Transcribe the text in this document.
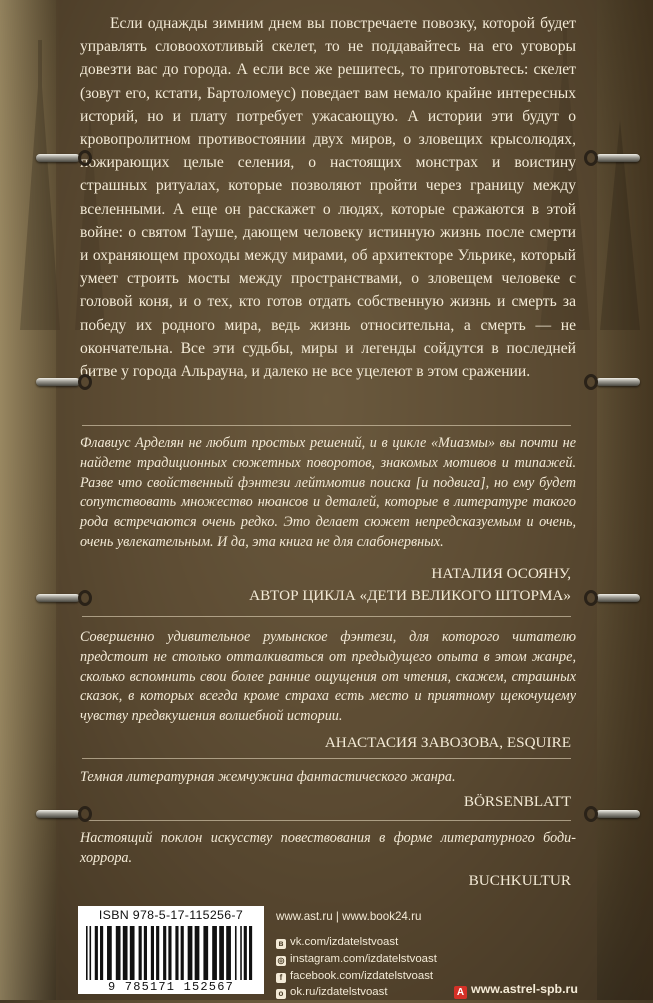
Если однажды зимним днем вы повстречаете повозку, которой будет управлять словоохотливый скелет, то не поддавайтесь на его уговоры довезти вас до города. А если все же решитесь, то приготовьтесь: скелет (зовут его, кстати, Бартоломеус) поведает вам немало крайне интересных историй, но и плату потребует ужасающую. А истории эти будут о кровопролитном противостоянии двух миров, о зловещих крысолюдях, пожирающих целые селения, о настоящих монстрах и воистину страшных ритуалах, которые позволяют пройти через границу между вселенными. А еще он расскажет о людях, которые сражаются в этой войне: о святом Тауше, дающем человеку истинную жизнь после смерти и охраняющем проходы между мирами, об архитекторе Ульрике, который умеет строить мосты между пространствами, о зловещем человеке с головой коня, и о тех, кто готов отдать собственную жизнь и смерть за победу их родного мира, ведь жизнь относительна, а смерть — не окончательна. Все эти судьбы, миры и легенды сойдутся в последней битве у города Альрауна, и далеко не все уцелеют в этом сражении.
Флавиус Арделян не любит простых решений, и в цикле «Миазмы» вы почти не найдете традиционных сюжетных поворотов, знакомых мотивов и типажей. Разве что свойственный фэнтези лейтмотив поиска [и подвига], но ему будет сопутствовать множество нюансов и деталей, которые в литературе такого рода встречаются очень редко. Это делает сюжет непредсказуемым и очень, очень увлекательным. И да, эта книга не для слабонервных.
НАТАЛИЯ ОСОЯНУ,
АВТОР ЦИКЛА «ДЕТИ ВЕЛИКОГО ШТОРМА»
Совершенно удивительное румынское фэнтези, для которого читателю предстоит не столько отталкиваться от предыдущего опыта в этом жанре, сколько вспомнить свои более ранние ощущения от чтения, скажем, страшных сказок, в которых всегда кроме страха есть место и приятному щекочущему чувству предвкушения волшебной истории.
АНАСТАСИЯ ЗАВОЗОВА, ESQUIRE
Темная литературная жемчужина фантастического жанра.
BÖRSENBLATT
Настоящий поклон искусству повествования в форме литературного боди-хоррора.
BUCHKULTUR
ISBN 978-5-17-115256-7
9 785171 152567
www.ast.ru | www.book24.ru
в vk.com/izdatelstvoast
◎ instagram.com/izdatelstvoast
f facebook.com/izdatelstvoast
о ok.ru/izdatelstvoast	А www.astrel-spb.ru
